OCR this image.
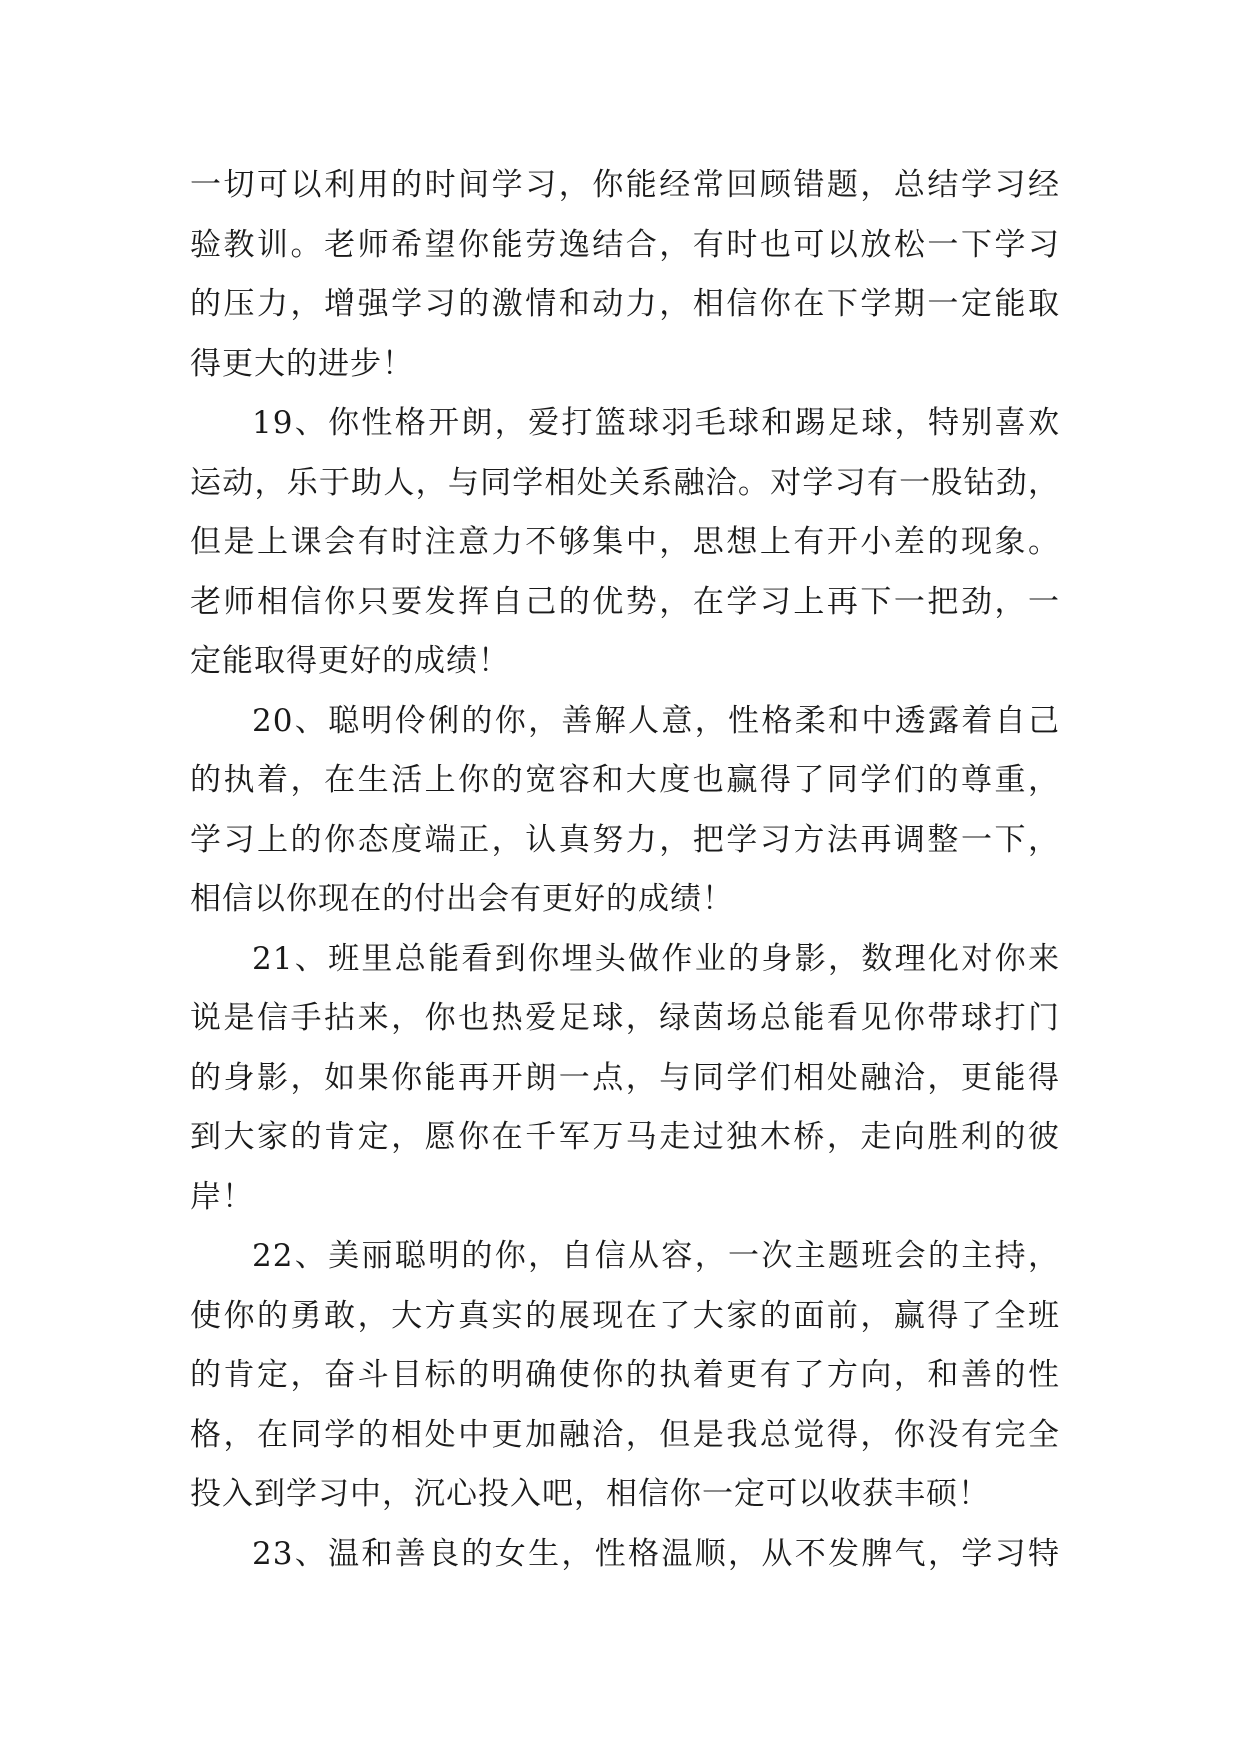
一切可以利用的时间学习，你能经常回顾错题，总结学习经
验教训。老师希望你能劳逸结合，有时也可以放松一下学习
的压力，增强学习的激情和动力，相信你在下学期一定能取
得更大的进步！
19、你性格开朗，爱打篮球羽毛球和踢足球，特别喜欢
运动，乐于助人，与同学相处关系融洽。对学习有一股钻劲，
但是上课会有时注意力不够集中，思想上有开小差的现象。
老师相信你只要发挥自己的优势，在学习上再下一把劲，一
定能取得更好的成绩！
20、聪明伶俐的你，善解人意，性格柔和中透露着自己
的执着，在生活上你的宽容和大度也赢得了同学们的尊重，
学习上的你态度端正，认真努力，把学习方法再调整一下，
相信以你现在的付出会有更好的成绩！
21、班里总能看到你埋头做作业的身影，数理化对你来
说是信手拈来，你也热爱足球，绿茵场总能看见你带球打门
的身影，如果你能再开朗一点，与同学们相处融洽，更能得
到大家的肯定，愿你在千军万马走过独木桥，走向胜利的彼
岸！
22、美丽聪明的你，自信从容，一次主题班会的主持，
使你的勇敢，大方真实的展现在了大家的面前，赢得了全班
的肯定，奋斗目标的明确使你的执着更有了方向，和善的性
格，在同学的相处中更加融洽，但是我总觉得，你没有完全
投入到学习中，沉心投入吧，相信你一定可以收获丰硕！
23、温和善良的女生，性格温顺，从不发脾气，学习特
